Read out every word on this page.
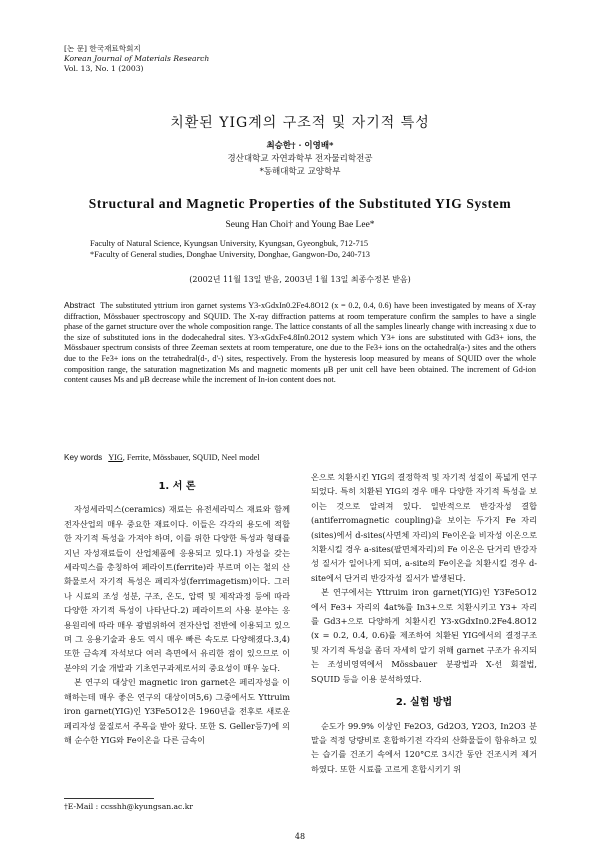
[논 문] 한국재료학회지
Korean Journal of Materials Research
Vol. 13, No. 1 (2003)
치환된 YIG계의 구조적 및 자기적 특성
최승한† · 이영배*
경산대학교 자연과학부 전자물리학전공
*동해대학교 교양학부
Structural and Magnetic Properties of the Substituted YIG System
Seung Han Choi† and Young Bae Lee*
Faculty of Natural Science, Kyungsan University, Kyungsan, Gyeongbuk, 712-715
*Faculty of General studies, Donghae University, Donghae, Gangwon-Do, 240-713
(2002년 11월 13일 받음, 2003년 1월 13일 최종수정본 받음)
Abstract The substituted yttrium iron garnet systems Y3-xGdxIn0.2Fe4.8O12 (x = 0.2, 0.4, 0.6) have been investigated by means of X-ray diffraction, Mössbauer spectroscopy and SQUID. The X-ray diffraction patterns at room temperature confirm the samples to have a single phase of the garnet structure over the whole composition range. The lattice constants of all the samples linearly change with increasing x due to the size of substituted ions in the dodecahedral sites. Y3-xGdxFe4.8In0.2O12 system which Y3+ ions are substituted with Gd3+ ions, the Mössbauer spectrum consists of three Zeeman sextets at room temperature, one due to the Fe3+ ions on the octahedral(a-) sites and the others due to the Fe3+ ions on the tetrahedral(d-, d'-) sites, respectively. From the hysteresis loop measured by means of SQUID over the whole composition range, the saturation magnetization Ms and magnetic moments μB per unit cell have been obtained. The increment of Gd-ion content causes Ms and μB decrease while the increment of In-ion content does not.
Key words YIG, Ferrite, Mössbauer, SQUID, Neel model
1. 서 론

자성세라믹스(ceramics) 재료는 유전세라믹스 재료와 함께 전자산업의 매우 중요한 재료이다. 이들은 각각의 용도에 적합한 자기적 특성을 가져야 하며, 이를 위한 다양한 특성과 형태를 지닌 자성재료들이 산업체품에 응용되고 있다.1) 자성을 갖는 세라믹스를 총칭하여 페라이트(ferrite)라 부르며 이는 철의 산화물로서 자기적 특성은 페리자성(ferrimagetism)이다. 그러나 시료의 조성 성분, 구조, 온도, 압력 및 제작과정 등에 따라 다양한 자기적 특성이 나타난다.2) 페라이트의 사용 분야는 응용원리에 따라 매우 광범위하여 전자산업 전반에 이용되고 있으며 그 응용기술과 용도 역시 매우 빠른 속도로 다양해졌다.3,4) 또한 금속계 자석보다 여러 측면에서 유리한 점이 있으므로 이 분야의 기술 개발과 기초연구과제로서의 중요성이 매우 높다.

본 연구의 대상인 magnetic iron garnet은 페리자성을 이해하는데 매우 좋은 연구의 대상이며5,6) 그중에서도 Yttruim iron garnet(YIG)인 Y3Fe5O12은 1960년을 전후로 새로운 페리자성 물질로서 주목을 받아 왔다. 또한 S. Geller등7)에 의해 순수한 YIG와 Fe이온을 다른 금속이

온으로 치환시킨 YIG의 결정학적 및 자기적 성질이 폭넓게 연구되었다. 특히 치환된 YIG의 경우 매우 다양한 자기적 특성을 보이는 것으로 알려져 있다. 일반적으로 반강자성 결합(antiferromagnetic coupling)을 보이는 두가지 Fe 자리(sites)에서 d-sites(사면체 자리)의 Fe이온을 비자성 이온으로 치환시킬 경우 a-sites(팔면체자리)의 Fe 이온은 단거리 반강자성 질서가 일어나게 되며, a-site의 Fe이온을 치환시킬 경우 d-site에서 단거리 반강자성 질서가 발생된다.

본 연구에서는 Yttruim iron garnet(YIG)인 Y3Fe5O12에서 Fe3+ 자리의 4at%를 In3+으로 치환시키고 Y3+ 자리를 Gd3+으로 다양하게 치환시킨 Y3-xGdxIn0.2Fe4.8O12 (x = 0.2, 0.4, 0.6)를 제조하여 치환된 YIG에서의 결정구조 및 자기적 특성을 좀더 자세히 알기 위해 garnet 구조가 유지되는 조성비영역에서 Mössbauer 분광법과 X-선 회절법, SQUID 등을 이용 분석하였다.

2. 실험 방법

순도가 99.9% 이상인 Fe2O3, Gd2O3, Y2O3, In2O3 분말을 적정 당량비로 혼합하기전 각각의 산화물들이 함유하고 있는 습기를 건조기 속에서 120°C로 3시간 동안 건조시켜 제거하였다. 또한 시료를 고르게 혼합시키기 위

†E-Mail : ccsshh@kyungsan.ac.kr
48
